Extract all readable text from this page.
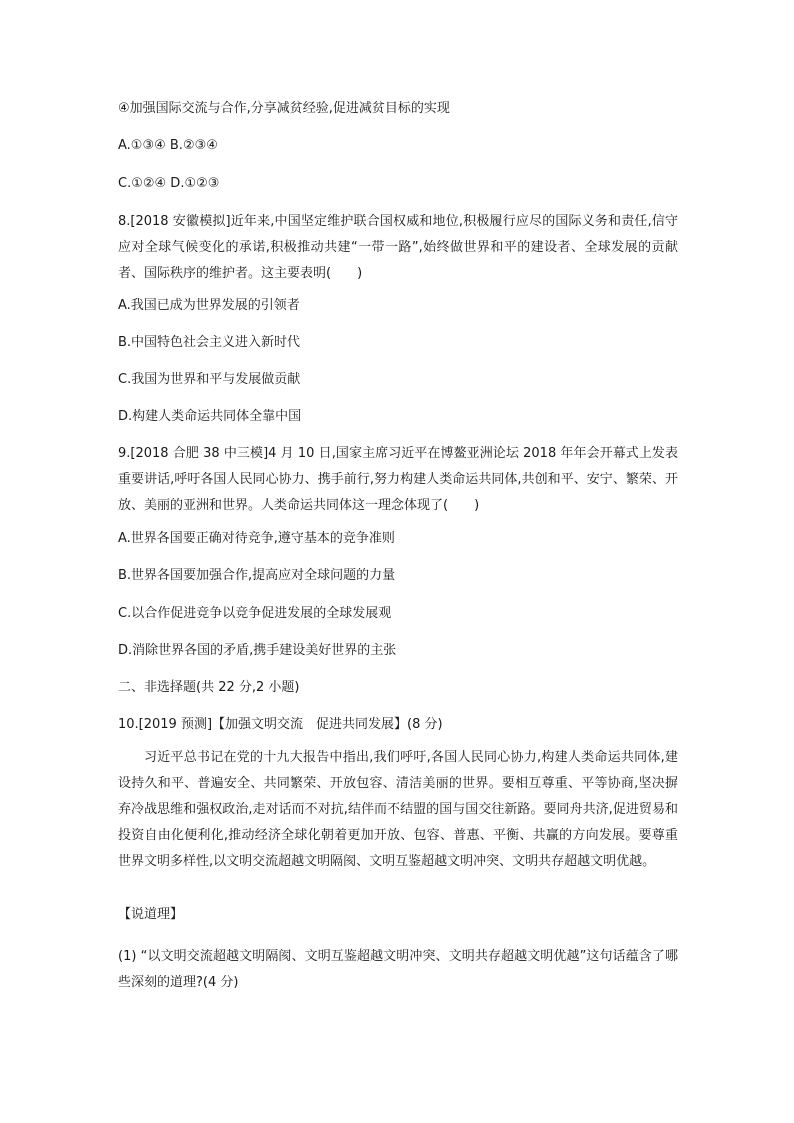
④加强国际交流与合作,分享减贫经验,促进减贫目标的实现
A.①③④ B.②③④
C.①②④ D.①②③
8.[2018 安徽模拟]近年来,中国坚定维护联合国权威和地位,积极履行应尽的国际义务和责任,信守应对全球气候变化的承诺,积极推动共建“一带一路”,始终做世界和平的建设者、全球发展的贡献者、国际秩序的维护者。这主要表明(　　)
A.我国已成为世界发展的引领者
B.中国特色社会主义进入新时代
C.我国为世界和平与发展做贡献
D.构建人类命运共同体全靠中国
9.[2018 合肥 38 中三模]4 月 10 日,国家主席习近平在博鳌亚洲论坛 2018 年年会开幕式上发表重要讲话,呼吁各国人民同心协力、携手前行,努力构建人类命运共同体,共创和平、安宁、繁荣、开放、美丽的亚洲和世界。人类命运共同体这一理念体现了(　　)
A.世界各国要正确对待竞争,遵守基本的竞争准则
B.世界各国要加强合作,提高应对全球问题的力量
C.以合作促进竞争以竞争促进发展的全球发展观
D.消除世界各国的矛盾,携手建设美好世界的主张
二、非选择题(共 22 分,2 小题)
10.[2019 预测]【加强文明交流　促进共同发展】(8 分)
习近平总书记在党的十九大报告中指出,我们呼吁,各国人民同心协力,构建人类命运共同体,建设持久和平、普遍安全、共同繁荣、开放包容、清洁美丽的世界。要相互尊重、平等协商,坚决摒弃冷战思维和强权政治,走对话而不对抗,结伴而不结盟的国与国交往新路。要同舟共济,促进贸易和投资自由化便利化,推动经济全球化朝着更加开放、包容、普惠、平衡、共赢的方向发展。要尊重世界文明多样性,以文明交流超越文明隔阂、文明互鉴超越文明冲突、文明共存超越文明优越。
【说道理】
(1) “以文明交流超越文明隔阂、文明互鉴超越文明冲突、文明共存超越文明优越”这句话蕴含了哪些深刻的道理?(4 分)
